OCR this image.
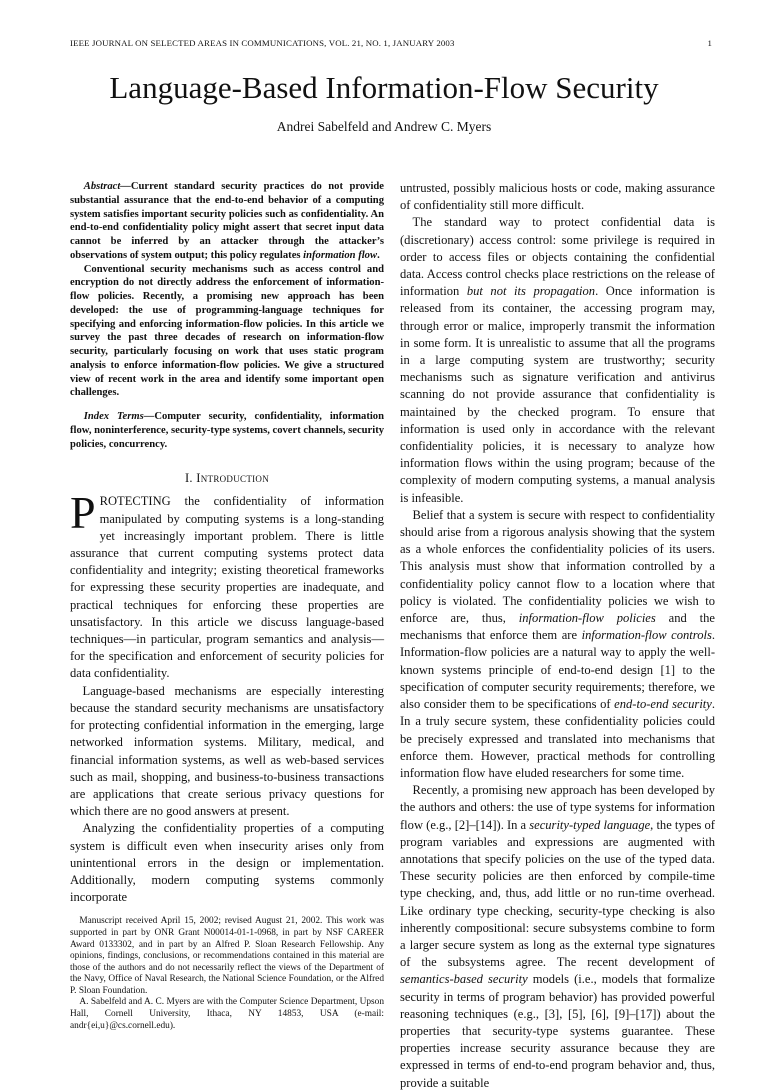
IEEE JOURNAL ON SELECTED AREAS IN COMMUNICATIONS, VOL. 21, NO. 1, JANUARY 2003	1
Language-Based Information-Flow Security
Andrei Sabelfeld and Andrew C. Myers

Abstract—Current standard security practices do not provide substantial assurance that the end-to-end behavior of a computing system satisfies important security policies such as confidentiality. An end-to-end confidentiality policy might assert that secret input data cannot be inferred by an attacker through the attacker’s observations of system output; this policy regulates information flow.

Conventional security mechanisms such as access control and encryption do not directly address the enforcement of information-flow policies. Recently, a promising new approach has been developed: the use of programming-language techniques for specifying and enforcing information-flow policies. In this article we survey the past three decades of research on information-flow security, particularly focusing on work that uses static program analysis to enforce information-flow policies. We give a structured view of recent work in the area and identify some important open challenges.

Index Terms—Computer security, confidentiality, information flow, noninterference, security-type systems, covert channels, security policies, concurrency.

I. Introduction

PROTECTING the confidentiality of information manipulated by computing systems is a long-standing yet increasingly important problem. There is little assurance that current computing systems protect data confidentiality and integrity; existing theoretical frameworks for expressing these security properties are inadequate, and practical techniques for enforcing these properties are unsatisfactory. In this article we discuss language-based techniques—in particular, program semantics and analysis—for the specification and enforcement of security policies for data confidentiality.

Language-based mechanisms are especially interesting because the standard security mechanisms are unsatisfactory for protecting confidential information in the emerging, large networked information systems. Military, medical, and financial information systems, as well as web-based services such as mail, shopping, and business-to-business transactions are applications that create serious privacy questions for which there are no good answers at present.

Analyzing the confidentiality properties of a computing system is difficult even when insecurity arises only from unintentional errors in the design or implementation. Additionally, modern computing systems commonly incorporate

Manuscript received April 15, 2002; revised August 21, 2002. This work was supported in part by ONR Grant N00014-01-1-0968, in part by NSF CAREER Award 0133302, and in part by an Alfred P. Sloan Research Fellowship. Any opinions, findings, conclusions, or recommendations contained in this material are those of the authors and do not necessarily reflect the views of the Department of the Navy, Office of Naval Research, the National Science Foundation, or the Alfred P. Sloan Foundation.

A. Sabelfeld and A. C. Myers are with the Computer Science Department, Upson Hall, Cornell University, Ithaca, NY 14853, USA (e-mail: andr{ei,u}@cs.cornell.edu).

untrusted, possibly malicious hosts or code, making assurance of confidentiality still more difficult.

The standard way to protect confidential data is (discretionary) access control: some privilege is required in order to access files or objects containing the confidential data. Access control checks place restrictions on the release of information but not its propagation. Once information is released from its container, the accessing program may, through error or malice, improperly transmit the information in some form. It is unrealistic to assume that all the programs in a large computing system are trustworthy; security mechanisms such as signature verification and antivirus scanning do not provide assurance that confidentiality is maintained by the checked program. To ensure that information is used only in accordance with the relevant confidentiality policies, it is necessary to analyze how information flows within the using program; because of the complexity of modern computing systems, a manual analysis is infeasible.

Belief that a system is secure with respect to confidentiality should arise from a rigorous analysis showing that the system as a whole enforces the confidentiality policies of its users. This analysis must show that information controlled by a confidentiality policy cannot flow to a location where that policy is violated. The confidentiality policies we wish to enforce are, thus, information-flow policies and the mechanisms that enforce them are information-flow controls. Information-flow policies are a natural way to apply the well-known systems principle of end-to-end design [1] to the specification of computer security requirements; therefore, we also consider them to be specifications of end-to-end security. In a truly secure system, these confidentiality policies could be precisely expressed and translated into mechanisms that enforce them. However, practical methods for controlling information flow have eluded researchers for some time.

Recently, a promising new approach has been developed by the authors and others: the use of type systems for information flow (e.g., [2]–[14]). In a security-typed language, the types of program variables and expressions are augmented with annotations that specify policies on the use of the typed data. These security policies are then enforced by compile-time type checking, and, thus, add little or no run-time overhead. Like ordinary type checking, security-type checking is also inherently compositional: secure subsystems combine to form a larger secure system as long as the external type signatures of the subsystems agree. The recent development of semantics-based security models (i.e., models that formalize security in terms of program behavior) has provided powerful reasoning techniques (e.g., [3], [5], [6], [9]–[17]) about the properties that security-type systems guarantee. These properties increase security assurance because they are expressed in terms of end-to-end program behavior and, thus, provide a suitable
